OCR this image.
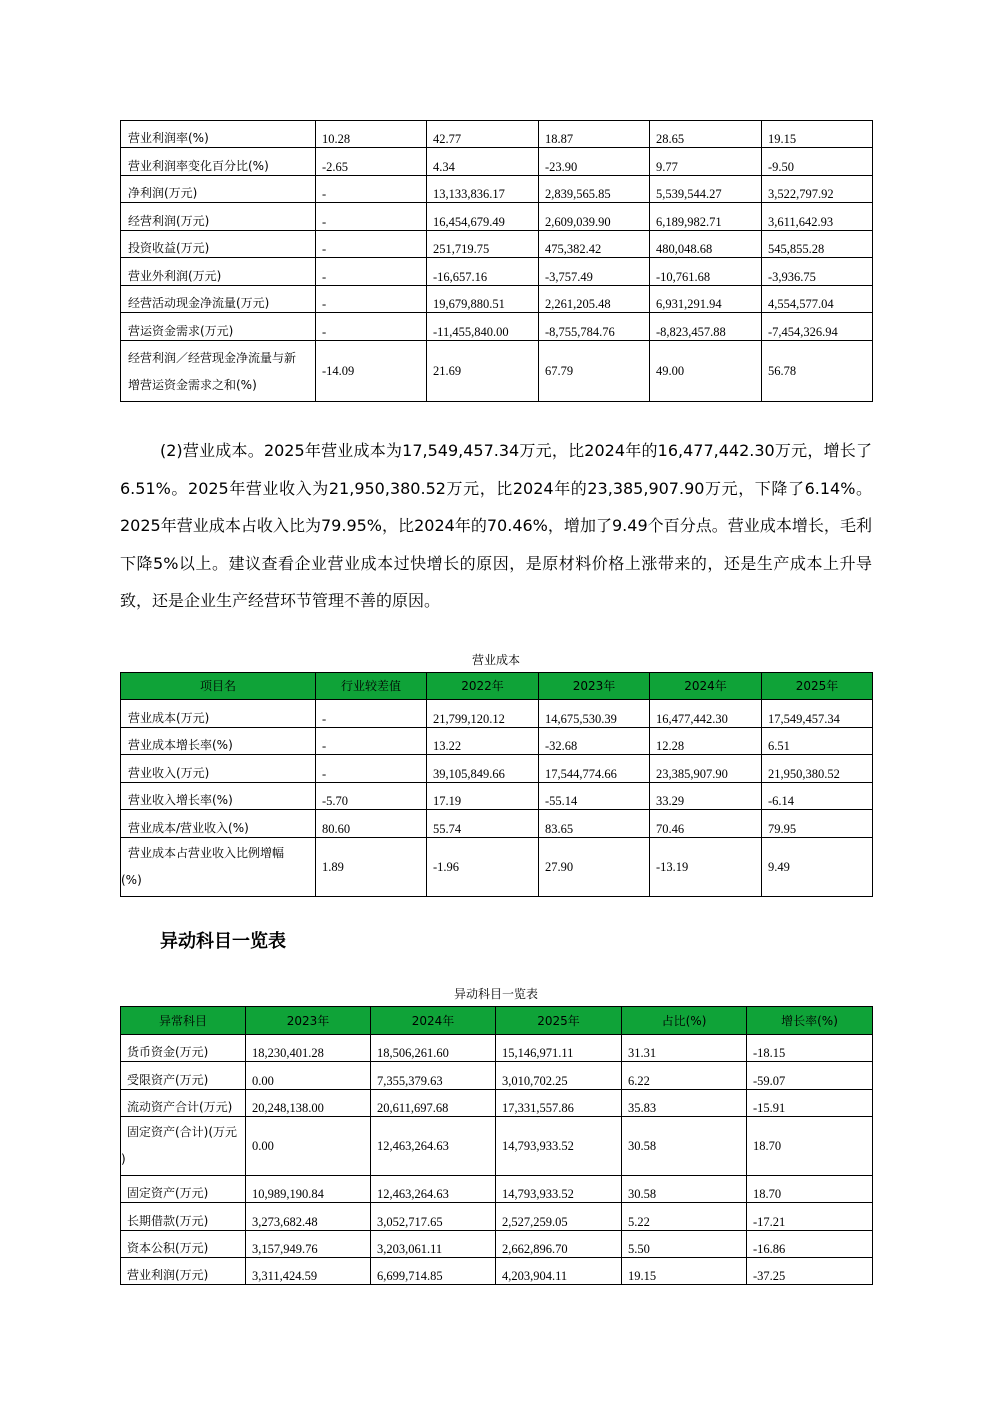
营业利润率(%)	10.28	42.77	18.87	28.65	19.15
营业利润率变化百分比(%)	-2.65	4.34	-23.90	9.77	-9.50
净利润(万元)	-	13,133,836.17	2,839,565.85	5,539,544.27	3,522,797.92
经营利润(万元)	-	16,454,679.49	2,609,039.90	6,189,982.71	3,611,642.93
投资收益(万元)	-	251,719.75	475,382.42	480,048.68	545,855.28
营业外利润(万元)	-	-16,657.16	-3,757.49	-10,761.68	-3,936.75
经营活动现金净流量(万元)	-	19,679,880.51	2,261,205.48	6,931,291.94	4,554,577.04
营运资金需求(万元)	-	-11,455,840.00	-8,755,784.76	-8,823,457.88	-7,454,326.94
经营利润／经营现金净流量与新
增营运资金需求之和(%)	-14.09	21.69	67.79	49.00	56.78

(2)营业成本。2025年营业成本为17,549,457.34万元，比2024年的16,477,442.30万元，增长了6.51%。2025年营业收入为21,950,380.52万元，比2024年的23,385,907.90万元，下降了6.14%。2025年营业成本占收入比为79.95%，比2024年的70.46%，增加了9.49个百分点。营业成本增长，毛利下降5%以上。建议查看企业营业成本过快增长的原因，是原材料价格上涨带来的，还是生产成本上升导致，还是企业生产经营环节管理不善的原因。

营业成本
项目名	行业较差值	2022年	2023年	2024年	2025年
营业成本(万元)	-	21,799,120.12	14,675,530.39	16,477,442.30	17,549,457.34
营业成本增长率(%)	-	13.22	-32.68	12.28	6.51
营业收入(万元)	-	39,105,849.66	17,544,774.66	23,385,907.90	21,950,380.52
营业收入增长率(%)	-5.70	17.19	-55.14	33.29	-6.14
营业成本/营业收入(%)	80.60	55.74	83.65	70.46	79.95
营业成本占营业收入比例增幅
(%)	1.89	-1.96	27.90	-13.19	9.49
异动科目一览表
异动科目一览表
异常科目	2023年	2024年	2025年	占比(%)	增长率(%)
货币资金(万元)	18,230,401.28	18,506,261.60	15,146,971.11	31.31	-18.15
受限资产(万元)	0.00	7,355,379.63	3,010,702.25	6.22	-59.07
流动资产合计(万元)	20,248,138.00	20,611,697.68	17,331,557.86	35.83	-15.91
固定资产(合计)(万元
)	0.00	12,463,264.63	14,793,933.52	30.58	18.70
固定资产(万元)	10,989,190.84	12,463,264.63	14,793,933.52	30.58	18.70
长期借款(万元)	3,273,682.48	3,052,717.65	2,527,259.05	5.22	-17.21
资本公积(万元)	3,157,949.76	3,203,061.11	2,662,896.70	5.50	-16.86
营业利润(万元)	3,311,424.59	6,699,714.85	4,203,904.11	19.15	-37.25
